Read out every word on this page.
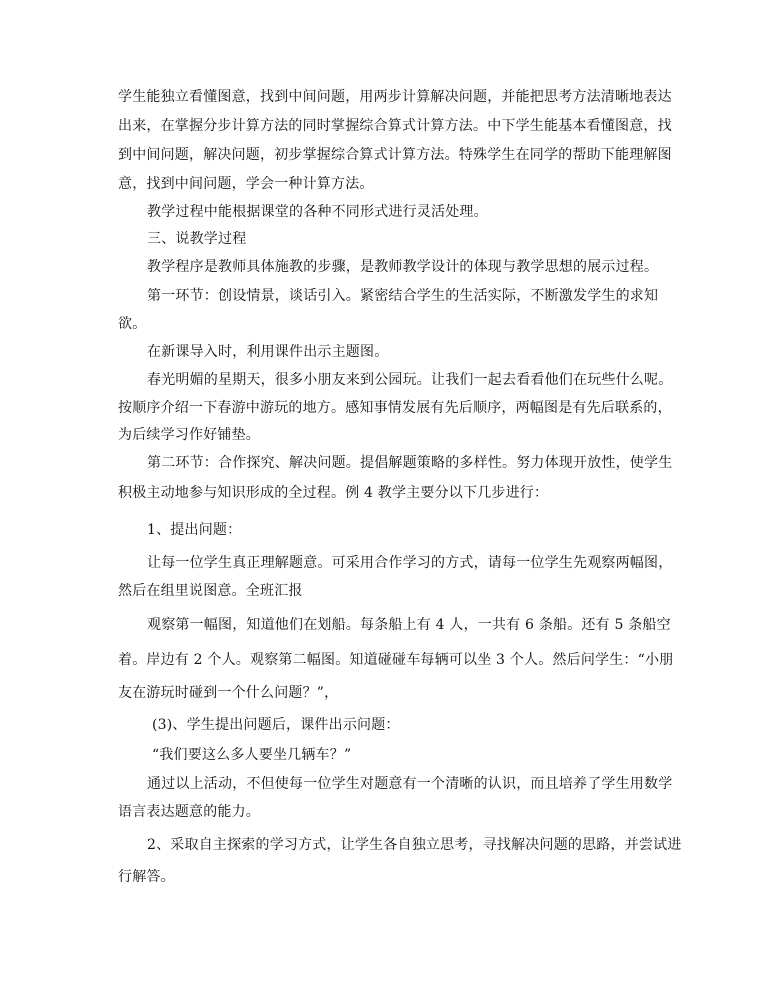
学生能独立看懂图意，找到中间问题，用两步计算解决问题，并能把思考方法清晰地表达

出来，在掌握分步计算方法的同时掌握综合算式计算方法。中下学生能基本看懂图意，找

到中间问题，解决问题，初步掌握综合算式计算方法。特殊学生在同学的帮助下能理解图

意，找到中间问题，学会一种计算方法。

教学过程中能根据课堂的各种不同形式进行灵活处理。

三、说教学过程

教学程序是教师具体施教的步骤，是教师教学设计的体现与教学思想的展示过程。

第一环节：创设情景，谈话引入。紧密结合学生的生活实际，不断激发学生的求知

欲。

在新课导入时，利用课件出示主题图。

春光明媚的星期天，很多小朋友来到公园玩。让我们一起去看看他们在玩些什么呢。

按顺序介绍一下春游中游玩的地方。感知事情发展有先后顺序，两幅图是有先后联系的，

为后续学习作好铺垫。

第二环节：合作探究、解决问题。提倡解题策略的多样性。努力体现开放性，使学生

积极主动地参与知识形成的全过程。例 4 教学主要分以下几步进行：

1、提出问题：

让每一位学生真正理解题意。可采用合作学习的方式，请每一位学生先观察两幅图，

然后在组里说图意。全班汇报

观察第一幅图，知道他们在划船。每条船上有 4 人，一共有 6 条船。还有 5 条船空

着。岸边有 2 个人。观察第二幅图。知道碰碰车每辆可以坐 3 个人。然后问学生：“小朋

友在游玩时碰到一个什么问题？”，

(3)、学生提出问题后，课件出示问题：

“我们要这么多人要坐几辆车？”

通过以上活动，不但使每一位学生对题意有一个清晰的认识，而且培养了学生用数学

语言表达题意的能力。

2、采取自主探索的学习方式，让学生各自独立思考，寻找解决问题的思路，并尝试进

行解答。
